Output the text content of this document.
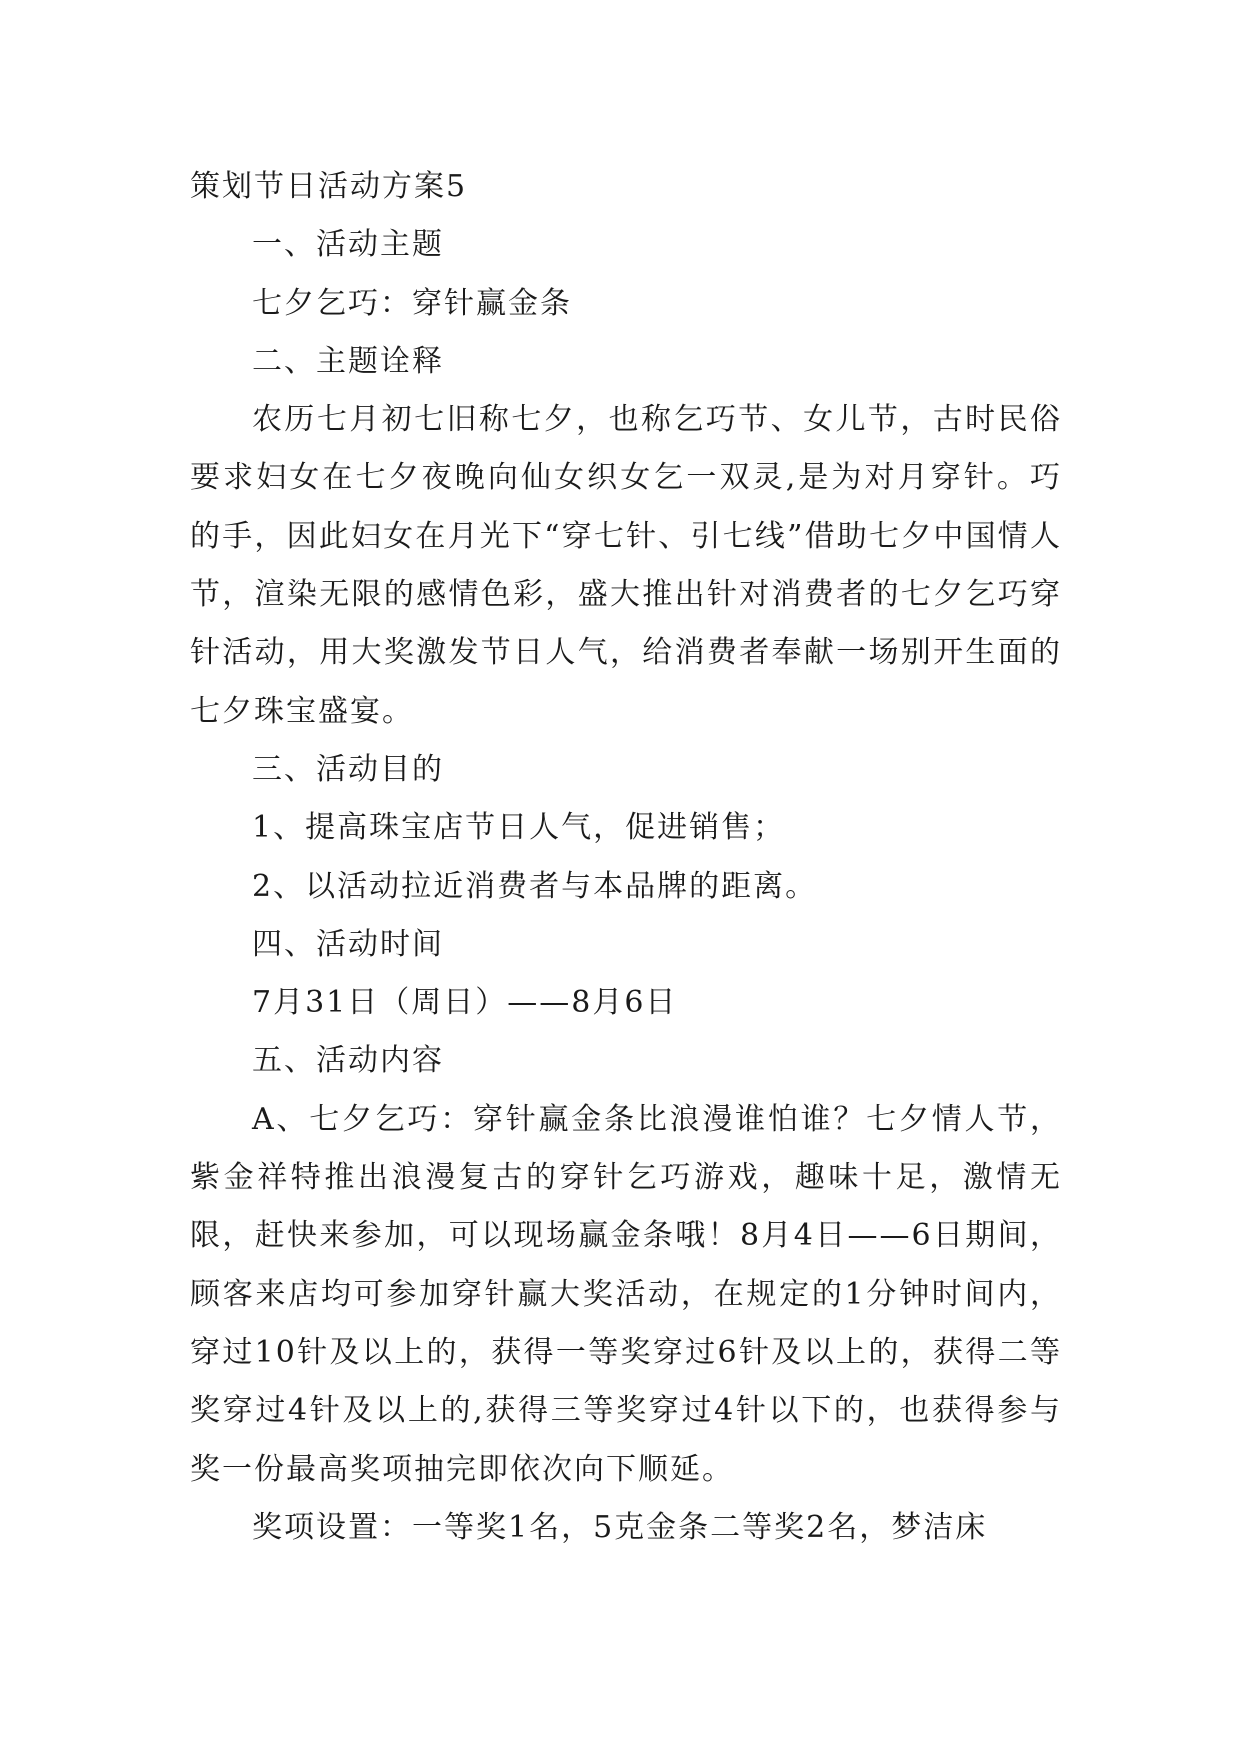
策划节日活动方案5

一、活动主题

七夕乞巧：穿针赢金条

二、主题诠释

农历七月初七旧称七夕，也称乞巧节、女儿节，古时民俗要求妇女在七夕夜晚向仙女织女乞一双灵,是为对月穿针。巧的手，因此妇女在月光下“穿七针、引七线”借助七夕中国情人节，渲染无限的感情色彩，盛大推出针对消费者的七夕乞巧穿针活动，用大奖激发节日人气，给消费者奉献一场别开生面的七夕珠宝盛宴。

三、活动目的

1、提高珠宝店节日人气，促进销售；

2、以活动拉近消费者与本品牌的距离。

四、活动时间

7月31日（周日）——8月6日

五、活动内容

A、七夕乞巧：穿针赢金条比浪漫谁怕谁？七夕情人节，紫金祥特推出浪漫复古的穿针乞巧游戏，趣味十足，激情无限，赶快来参加，可以现场赢金条哦！8月4日——6日期间，顾客来店均可参加穿针赢大奖活动，在规定的1分钟时间内，穿过10针及以上的，获得一等奖穿过6针及以上的，获得二等奖穿过4针及以上的,获得三等奖穿过4针以下的，也获得参与奖一份最高奖项抽完即依次向下顺延。

奖项设置：一等奖1名，5克金条二等奖2名，梦洁床
